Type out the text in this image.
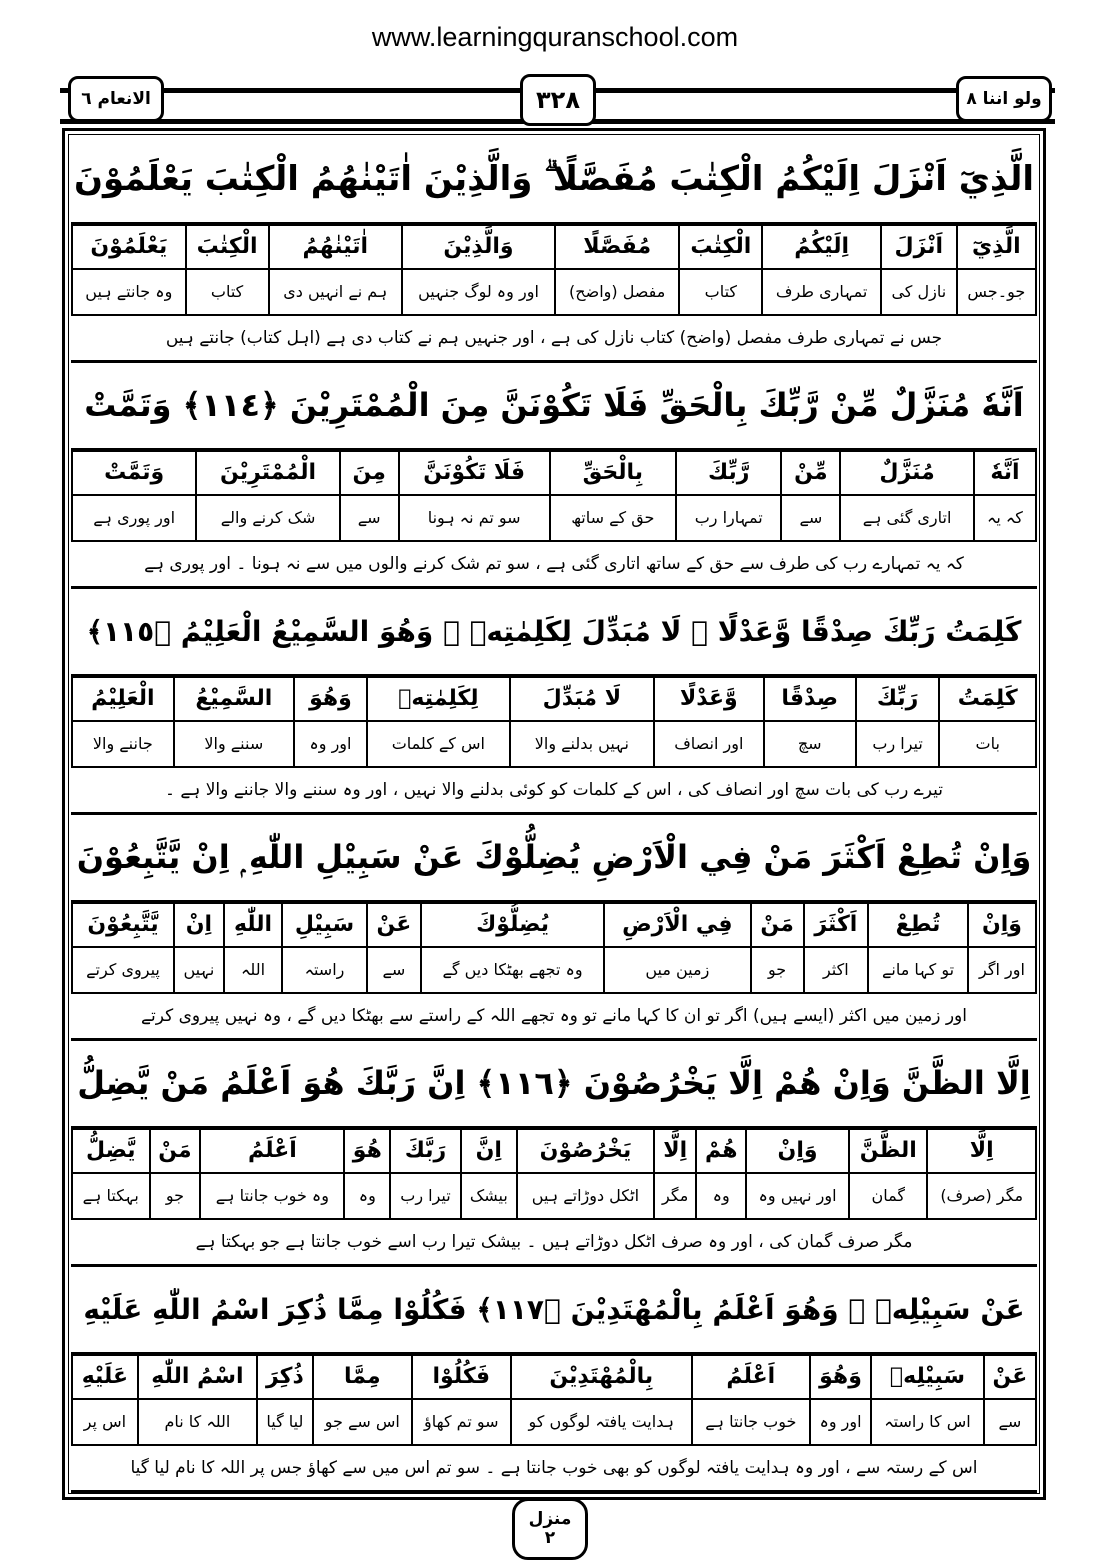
www.learningquranschool.com
الانعام ٦	٣٢٨	ولو اننا ٨
الَّذِيٓ اَنْزَلَ اِلَيْكُمُ الْكِتٰبَ مُفَصَّلًا ۗ وَالَّذِيْنَ اٰتَيْنٰهُمُ الْكِتٰبَ يَعْلَمُوْنَ
الَّذِيٓ	اَنْزَلَ	اِلَيْكُمُ	الْكِتٰبَ	مُفَصَّلًا	وَالَّذِيْنَ	اٰتَيْنٰهُمُ	الْكِتٰبَ	يَعْلَمُوْنَ
جو۔جس	نازل کی	تمہاری طرف	کتاب	مفصل (واضح)	اور وہ لوگ جنہیں	ہم نے انہیں دی	کتاب	وہ جانتے ہیں
جس نے تمہاری طرف مفصل (واضح) کتاب نازل کی ہے ، اور جنہیں ہم نے کتاب دی ہے (اہل کتاب) جانتے ہیں
اَنَّهٗ مُنَزَّلٌ مِّنْ رَّبِّكَ بِالْحَقِّ فَلَا تَكُوْنَنَّ مِنَ الْمُمْتَرِيْنَ ﴿١١٤﴾ وَتَمَّتْ
اَنَّهٗ	مُنَزَّلٌ	مِّنْ	رَّبِّكَ	بِالْحَقِّ	فَلَا تَكُوْنَنَّ	مِنَ	الْمُمْتَرِيْنَ	وَتَمَّتْ
کہ یہ	اتاری گئی ہے	سے	تمہارا رب	حق کے ساتھ	سو تم نہ ہونا	سے	شک کرنے والے	اور پوری ہے
کہ یہ تمہارے رب کی طرف سے حق کے ساتھ اتاری گئی ہے ، سو تم شک کرنے والوں میں سے نہ ہونا ۔ اور پوری ہے
كَلِمَتُ رَبِّكَ صِدْقًا وَّعَدْلًا ۭ لَا مُبَدِّلَ لِكَلِمٰتِهٖ ۚ وَهُوَ السَّمِيْعُ الْعَلِيْمُ ﴿١١٥﴾
كَلِمَتُ	رَبِّكَ	صِدْقًا	وَّعَدْلًا	لَا مُبَدِّلَ	لِكَلِمٰتِهٖ	وَهُوَ	السَّمِيْعُ	الْعَلِيْمُ
بات	تیرا رب	سچ	اور انصاف	نہیں بدلنے والا	اس کے کلمات	اور وہ	سننے والا	جاننے والا
تیرے رب کی بات سچ اور انصاف کی ، اس کے کلمات کو کوئی بدلنے والا نہیں ، اور وہ سننے والا جاننے والا ہے ۔
وَاِنْ تُطِعْ اَكْثَرَ مَنْ فِي الْاَرْضِ يُضِلُّوْكَ عَنْ سَبِيْلِ اللّٰهِ ۭ اِنْ يَّتَّبِعُوْنَ
وَاِنْ	تُطِعْ	اَكْثَرَ	مَنْ	فِي الْاَرْضِ	يُضِلُّوْكَ	عَنْ	سَبِيْلِ	اللّٰهِ	اِنْ	يَّتَّبِعُوْنَ
اور اگر	تو کہا مانے	اکثر	جو	زمین میں	وہ تجھے بھٹکا دیں گے	سے	راستہ	اللہ	نہیں	پیروی کرتے
اور زمین میں اکثر (ایسے ہیں) اگر تو ان کا کہا مانے تو وہ تجھے اللہ کے راستے سے بھٹکا دیں گے ، وہ نہیں پیروی کرتے
اِلَّا الظَّنَّ وَاِنْ هُمْ اِلَّا يَخْرُصُوْنَ ﴿١١٦﴾ اِنَّ رَبَّكَ هُوَ اَعْلَمُ مَنْ يَّضِلُّ
اِلَّا	الظَّنَّ	وَاِنْ	هُمْ	اِلَّا	يَخْرُصُوْنَ	اِنَّ	رَبَّكَ	هُوَ	اَعْلَمُ	مَنْ	يَّضِلُّ
مگر (صرف)	گمان	اور نہیں وہ	وہ	مگر	اٹکل دوڑاتے ہیں	بیشک	تیرا رب	وہ	وہ خوب جانتا ہے	جو	بہکتا ہے
مگر صرف گمان کی ، اور وہ صرف اٹکل دوڑاتے ہیں ۔ بیشک تیرا رب اسے خوب جانتا ہے جو بہکتا ہے
عَنْ سَبِيْلِهٖ ۚ وَهُوَ اَعْلَمُ بِالْمُهْتَدِيْنَ ﴿١١٧﴾ فَكُلُوْا مِمَّا ذُكِرَ اسْمُ اللّٰهِ عَلَيْهِ
عَنْ	سَبِيْلِهٖ	وَهُوَ	اَعْلَمُ	بِالْمُهْتَدِيْنَ	فَكُلُوْا	مِمَّا	ذُكِرَ	اسْمُ اللّٰهِ	عَلَيْهِ
سے	اس کا راستہ	اور وہ	خوب جانتا ہے	ہدایت یافتہ لوگوں کو	سو تم کھاؤ	اس سے جو	لیا گیا	اللہ کا نام	اس پر
اس کے رستہ سے ، اور وہ ہدایت یافتہ لوگوں کو بھی خوب جانتا ہے ۔ سو تم اس میں سے کھاؤ جس پر اللہ کا نام لیا گیا
منزل
٢
